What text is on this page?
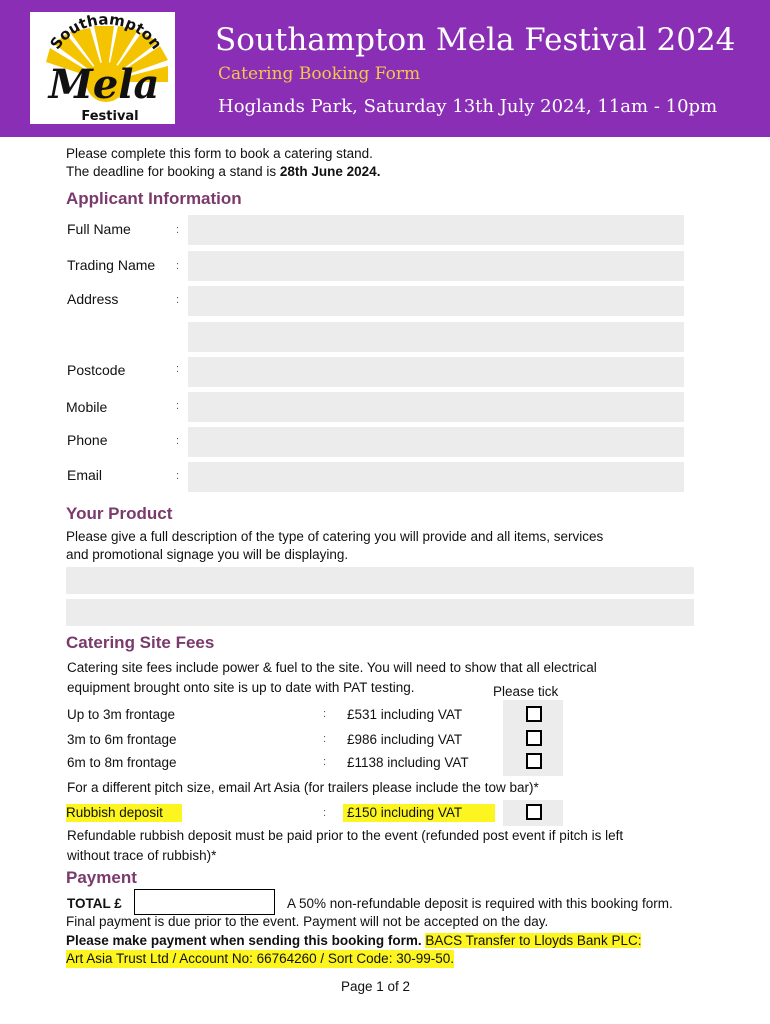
Southampton
Mela
Festival
Southampton Mela Festival 2024
Catering Booking Form
Hoglands Park, Saturday 13th July 2024, 11am - 10pm
Please complete this form to book a catering stand.
The deadline for booking a stand is 28th June 2024.
Applicant Information
Full Name	:
Trading Name :
Address	:
Postcode	:
Mobile	:
Phone	:
Email	:
Your Product
Please give a full description of the type of catering you will provide and all items, services
and promotional signage you will be displaying.
Catering Site Fees
Catering site fees include power & fuel to the site. You will need to show that all electrical
equipment brought onto site is up to date with PAT testing.	Please tick
Up to 3m frontage	: £531 including VAT
3m to 6m frontage	: £986 including VAT
6m to 8m frontage	: £1138 including VAT
For a different pitch size, email Art Asia (for trailers please include the tow bar)*
Rubbish deposit	: £150 including VAT
Refundable rubbish deposit must be paid prior to the event (refunded post event if pitch is left
without trace of rubbish)*
Payment
TOTAL £	A 50% non-refundable deposit is required with this booking form.
Final payment is due prior to the event. Payment will not be accepted on the day.
Please make payment when sending this booking form. BACS Transfer to Lloyds Bank PLC:
Art Asia Trust Ltd / Account No: 66764260 / Sort Code: 30-99-50.
Page 1 of 2
